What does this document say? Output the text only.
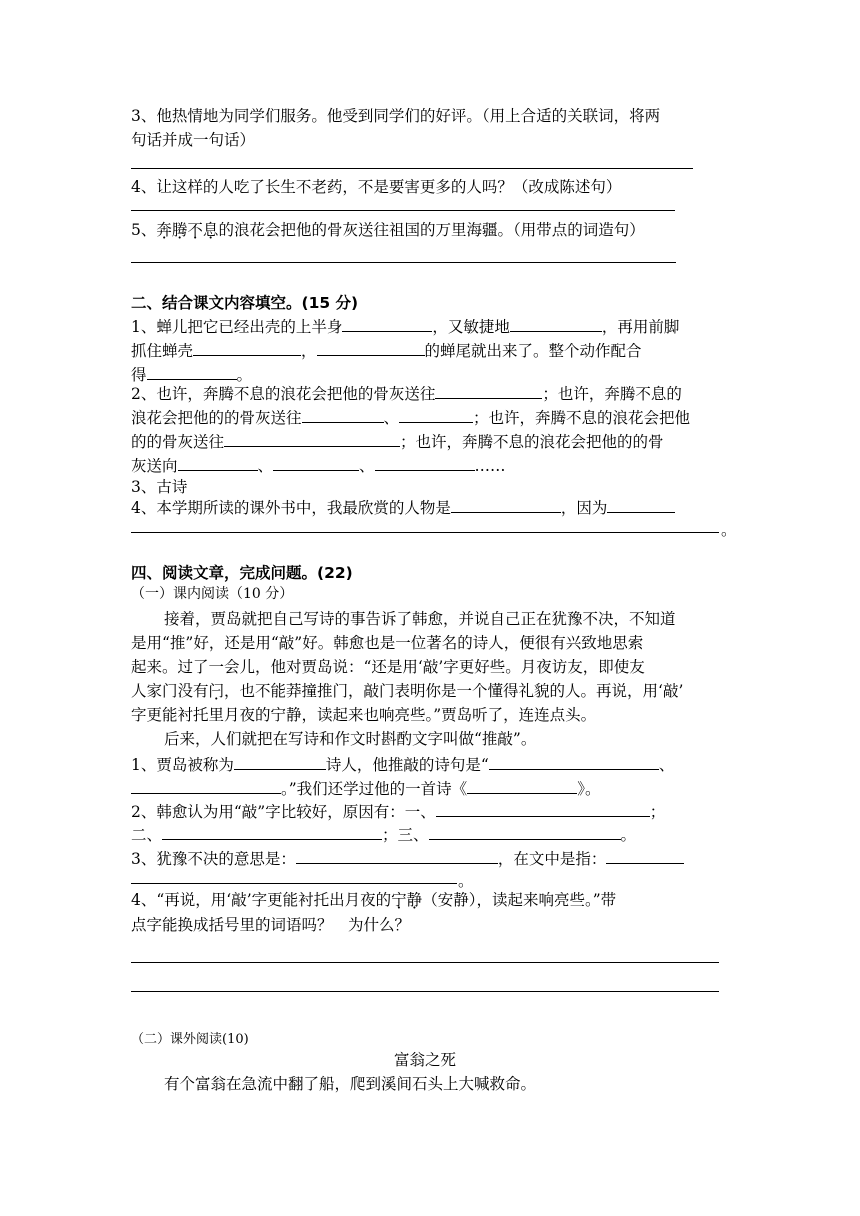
3、他热情地为同学们服务。他受到同学们的好评。（用上合适的关联词，将两
句话并成一句话）
4、让这样的人吃了长生不老药，不是要害更多的人吗？（改成陈述句）
5、奔腾不息的浪花会把他的骨灰送往祖国的万里海疆。（用带点的词造句）
二、结合课文内容填空。(15 分)
1、蝉儿把它已经出壳的上半身	，又敏捷地	，再用前脚
抓住蝉壳	，	的蝉尾就出来了。整个动作配合
得	。
2、也许，奔腾不息的浪花会把他的骨灰送往	；也许，奔腾不息的
浪花会把他的的骨灰送往	、	；也许，奔腾不息的浪花会把他
的的骨灰送往	；也许，奔腾不息的浪花会把他的的骨
灰送向	、	、	……
3、古诗
4、本学期所读的课外书中，我最欣赏的人物是	，因为
。
四、阅读文章，完成问题。(22)
（一）课内阅读（10 分）
接着，贾岛就把自己写诗的事告诉了韩愈，并说自己正在犹豫不决，不知道
是用“推”好，还是用“敲”好。韩愈也是一位著名的诗人，便很有兴致地思索
起来。过了一会儿，他对贾岛说：“还是用‘敲’字更好些。月夜访友，即使友
人家门没有闩，也不能莽撞推门，敲门表明你是一个懂得礼貌的人。再说，用‘敲’
字更能衬托里月夜的宁静，读起来也响亮些。”贾岛听了，连连点头。
后来，人们就把在写诗和作文时斟酌文字叫做“推敲”。
1、贾岛被称为	诗人，他推敲的诗句是“	、
。”我们还学过他的一首诗《	》。
2、韩愈认为用“敲”字比较好，原因有：一、	；
二、	；三、	。
3、犹豫不决的意思是：	，在文中是指：
。
4、“再说，用‘敲’字更能衬托出月夜的宁静（安静），读起来响亮些。”带
点字能换成括号里的词语吗？　为什么？
（二）课外阅读(10)
富翁之死
有个富翁在急流中翻了船，爬到溪间石头上大喊救命。
